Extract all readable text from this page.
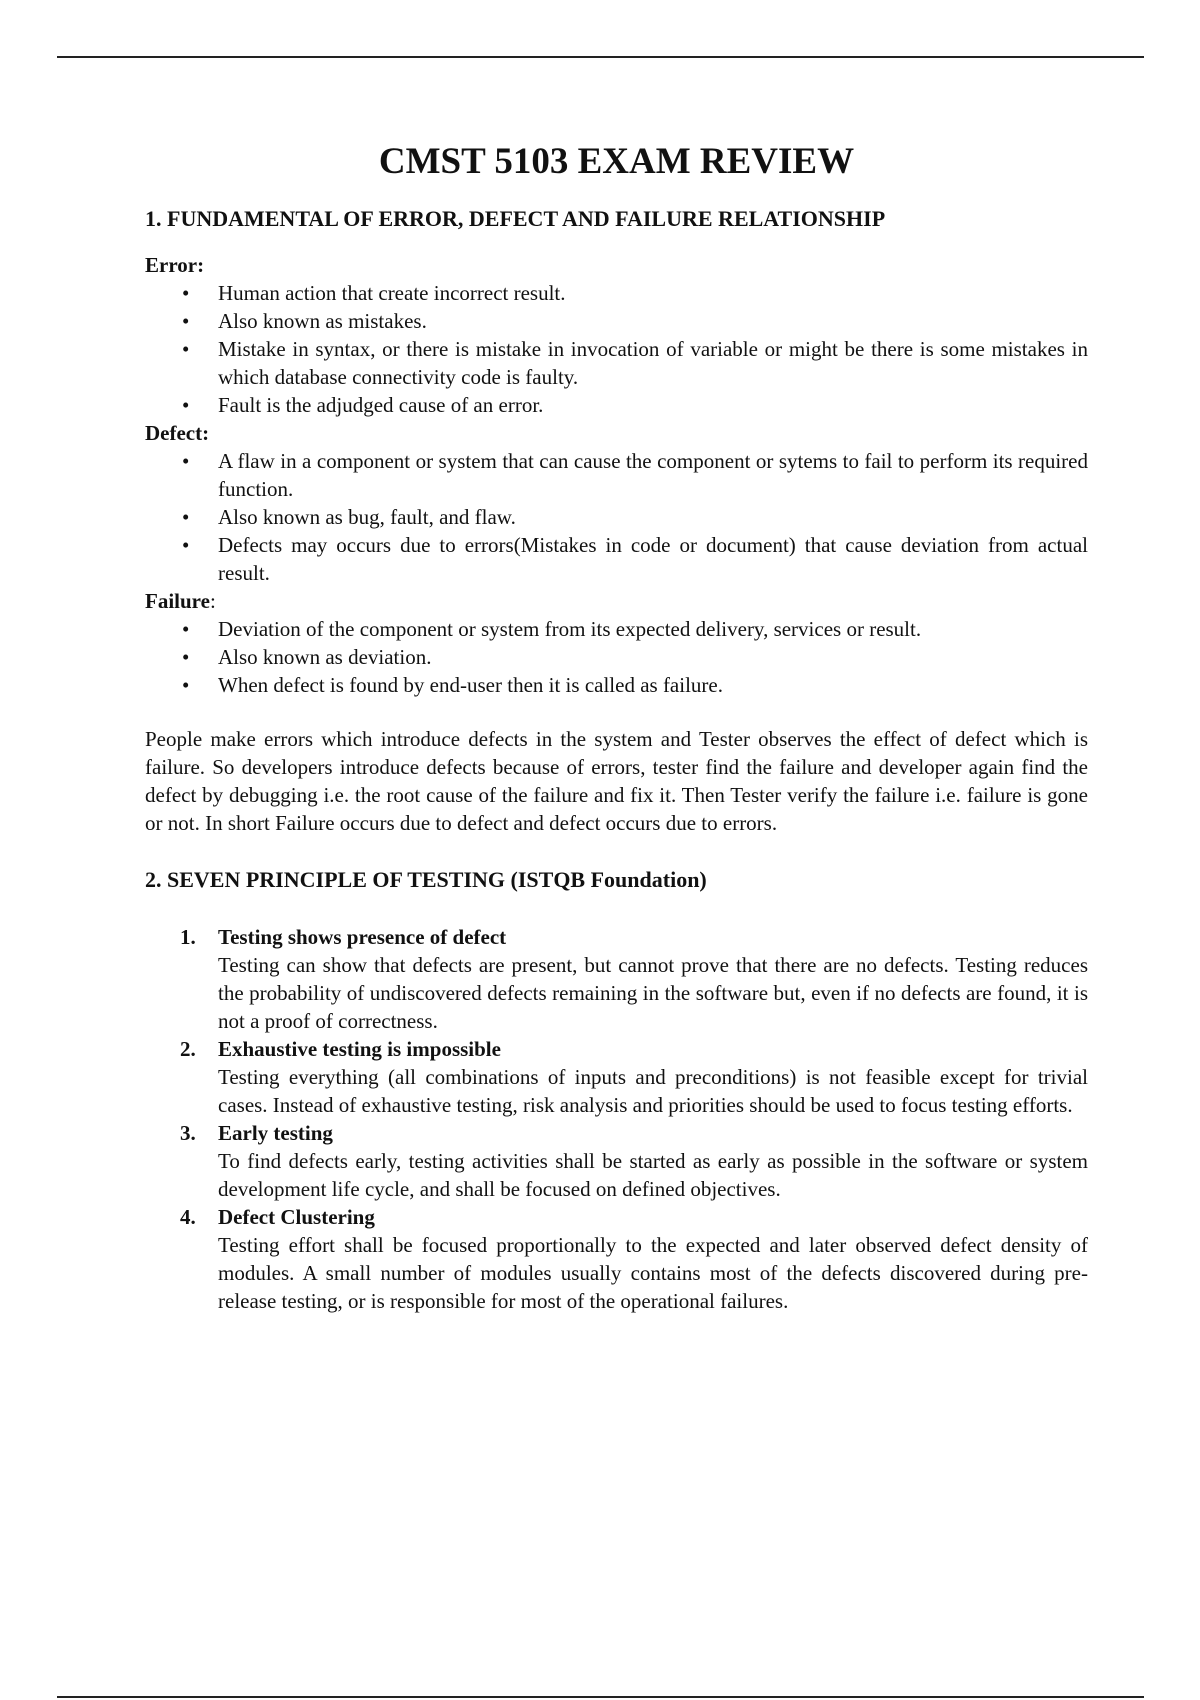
CMST 5103 EXAM REVIEW
1. FUNDAMENTAL OF ERROR, DEFECT AND FAILURE RELATIONSHIP
Error:
• Human action that create incorrect result.
• Also known as mistakes.
• Mistake in syntax, or there is mistake in invocation of variable or might be there is some mistakes in which database connectivity code is faulty.
• Fault is the adjudged cause of an error.
Defect:
• A flaw in a component or system that can cause the component or sytems to fail to perform its required function.
• Also known as bug, fault, and flaw.
• Defects may occurs due to errors(Mistakes in code or document) that cause deviation from actual result.
Failure:
• Deviation of the component or system from its expected delivery, services or result.
• Also known as deviation.
• When defect is found by end-user then it is called as failure.

People make errors which introduce defects in the system and Tester observes the effect of defect which is failure. So developers introduce defects because of errors, tester find the failure and developer again find the defect by debugging i.e. the root cause of the failure and fix it. Then Tester verify the failure i.e. failure is gone or not. In short Failure occurs due to defect and defect occurs due to errors.

2. SEVEN PRINCIPLE OF TESTING (ISTQB Foundation)
1. Testing shows presence of defect
Testing can show that defects are present, but cannot prove that there are no defects. Testing reduces the probability of undiscovered defects remaining in the software but, even if no defects are found, it is not a proof of correctness.
2. Exhaustive testing is impossible
Testing everything (all combinations of inputs and preconditions) is not feasible except for trivial cases. Instead of exhaustive testing, risk analysis and priorities should be used to focus testing efforts.
3. Early testing
To find defects early, testing activities shall be started as early as possible in the software or system development life cycle, and shall be focused on defined objectives.
4. Defect Clustering
Testing effort shall be focused proportionally to the expected and later observed defect density of modules. A small number of modules usually contains most of the defects discovered during pre-release testing, or is responsible for most of the operational failures.
